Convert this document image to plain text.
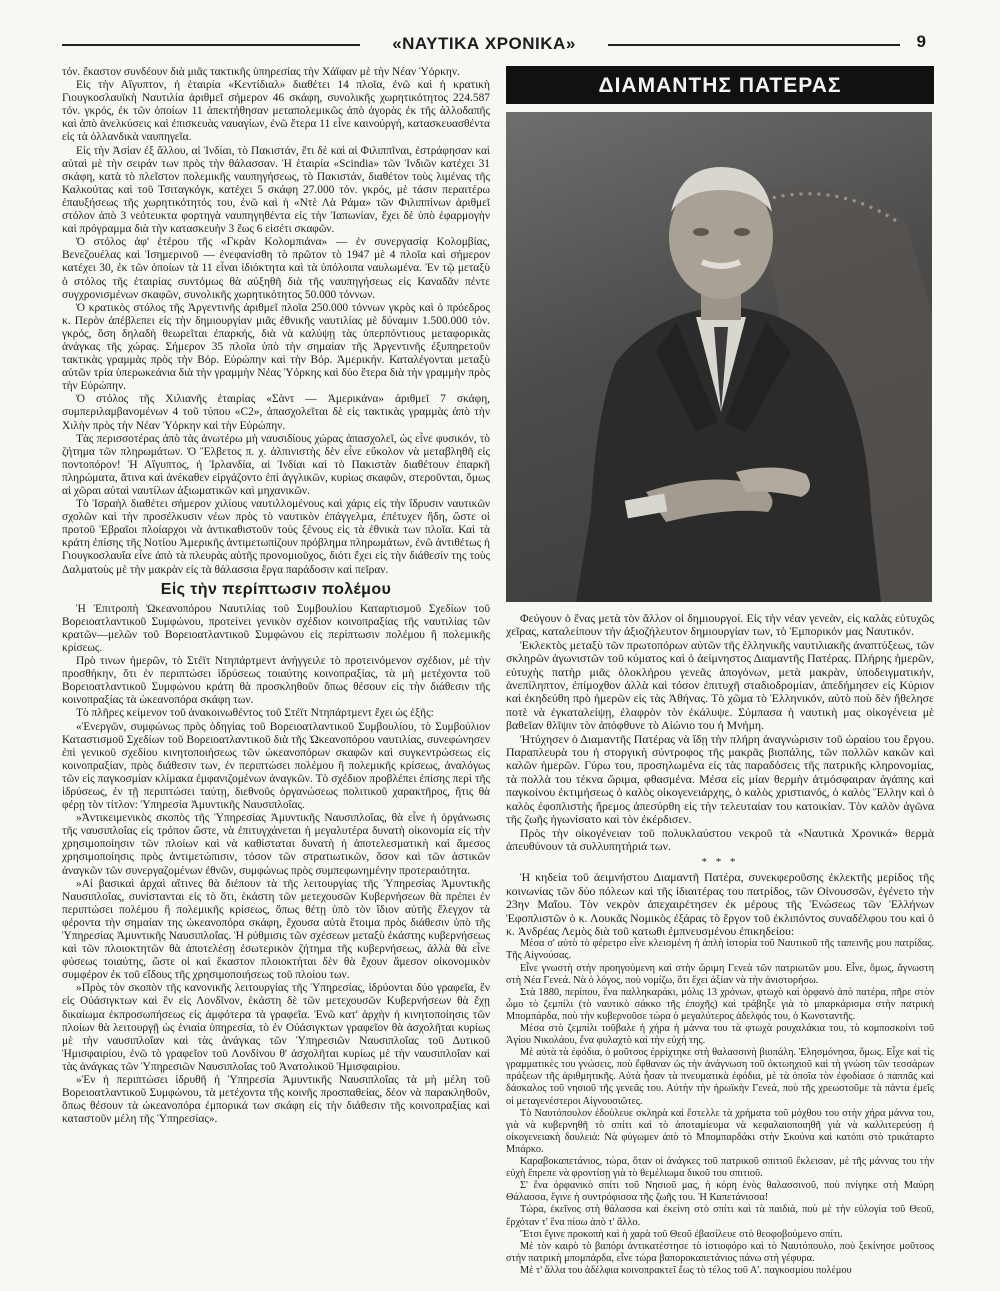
«ΝΑΥΤΙΚΑ ΧΡΟΝΙΚΑ»	9

τόν. ἕκαστον συνδέουν διὰ μιᾶς τακτικῆς ὑπηρεσίας τὴν Χάϊφαν μὲ τὴν Νέαν Ὑόρκην.

Εἰς τὴν Αἴγυπτον, ἡ ἑταιρία «Κεντίδιαλ» διαθέτει 14 πλοῖα, ἐνῶ καὶ ἡ κρατικὴ Γιουγκοσλαυϊκὴ Ναυτιλία ἀριθμεῖ σήμερον 46 σκάφη, συνολικῆς χωρητικότητος 224.587 τόν. γκρός, ἐκ τῶν ὁποίων 11 ἀπεκτήθησαν μεταπολεμικῶς ἀπὸ ἀγορὰς ἐκ τῆς ἀλλοδαπῆς καὶ ἀπὸ ἀνελκύσεις καὶ ἐπισκευὰς ναυαγίων, ἐνῶ ἕτερα 11 εἶνε καινούργή, κατασκευασθέντα εἰς τὰ ὁλλανδικὰ ναυπηγεῖα.

Εἰς τὴν Ἀσίαν ἐξ ἄλλου, αἱ Ἰνδίαι, τὸ Πακιστάν, ἔτι δὲ καὶ αἱ Φιλιππῖναι, ἐστράφησαν καὶ αὐταὶ μὲ τὴν σειράν των πρὸς τὴν θάλασσαν. Ἡ ἑταιρία «Scindia» τῶν Ἰνδιῶν κατέχει 31 σκάφη, κατὰ τὸ πλεῖστον πολεμικῆς ναυπηγήσεως, τὸ Πακιστάν, διαθέτον τοὺς λιμένας τῆς Καλκούτας καὶ τοῦ Τσιταγκόγκ, κατέχει 5 σκάφη 27.000 τόν. γκρός, μὲ τάσιν περαιτέρω ἐπαυξήσεως τῆς χωρητικότητός του, ἐνῶ καὶ ἡ «Ντὲ Λὰ Ράμα» τῶν Φιλιππίνων ἀριθμεῖ στόλον ἀπὸ 3 νεότευκτα φορτηγὰ ναυπηγηθέντα εἰς τὴν Ἰαπωνίαν, ἔχει δὲ ὑπὸ ἐφαρμογὴν καὶ πρόγραμμα διὰ τὴν κατασκευὴν 3 ἕως 6 εἰσέτι σκαφῶν.

Ὁ στόλος ἀφ' ἑτέρου τῆς «Γκρὰν Κολομπιάνα» — ἐν συνεργασίᾳ Κολομβίας, Βενεζουέλας καὶ Ἰσημερινοῦ — ἐνεφανίσθη τὸ πρῶτον τὸ 1947 μὲ 4 πλοῖα καὶ σήμερον κατέχει 30, ἐκ τῶν ὁποίων τὰ 11 εἶναι ἰδιόκτητα καὶ τὰ ὑπόλοιπα ναυλωμένα. Ἐν τῷ μεταξὺ ὁ στόλος τῆς ἑταιρίας συντόμως θὰ αὐξηθῆ διὰ τῆς ναυπηγήσεως εἰς Καναδᾶν πέντε συγχρονισμένων σκαφῶν, συνολικῆς χωρητικότητος 50.000 τόννων.

Ὁ κρατικὸς στόλος τῆς Ἀργεντινῆς ἀριθμεῖ πλοῖα 250.000 τόννων γκρὸς καὶ ὁ πρόεδρος κ. Περὸν ἀπέβλεπει εἰς τὴν δημιουργίαν μιᾶς ἐθνικῆς ναυτιλίας μὲ δύναμιν 1.500.000 τόν. γκρός, ὅση δηλαδὴ θεωρεῖται ἐπαρκής, διὰ νὰ καλύψῃ τὰς ὑπερπόντιους μεταφορικὰς ἀνάγκας τῆς χώρας. Σήμερον 35 πλοῖα ὑπὸ τὴν σημαίαν τῆς Ἀργεντινῆς ἐξυπηρετοῦν τακτικὰς γραμμὰς πρὸς τὴν Βόρ. Εὐρώπην καὶ τὴν Βόρ. Ἀμερικήν. Καταλέγονται μεταξὺ αὐτῶν τρία ὑπερωκεάνια διὰ τὴν γραμμὴν Νέας Ὑόρκης καὶ δύο ἕτερα διὰ τὴν γραμμὴν πρὸς τὴν Εὐρώπην.

Ὁ στόλος τῆς Χιλιανῆς ἑταιρίας «Σὰντ — Ἀμερικάνα» ἀριθμεῖ 7 σκάφη, συμπεριλαμβανομένων 4 τοῦ τύπου «C2», ἀπασχολεῖται δὲ εἰς τακτικὰς γραμμὰς ἀπὸ τὴν Χιλὴν πρὸς τὴν Νέαν Ὑόρκην καὶ τὴν Εὐρώπην.

Τὰς περισσοτέρας ἀπὸ τὰς ἀνωτέρω μὴ ναυσιδίους χώρας ἀπασχολεῖ, ὡς εἶνε φυσικόν, τὸ ζήτημα τῶν πληρωμάτων. Ὁ Ἕλβετος π. χ. ἀλπινιστὴς δὲν εἶνε εὔκολον νὰ μεταβληθῆ εἰς ποντοπόρον! Ἡ Αἴγυπτος, ἡ Ἰρλανδία, αἱ Ἰνδίαι καὶ τὸ Πακιστὰν διαθέτουν ἐπαρκῆ πληρώματα, ἅτινα καὶ ἀνέκαθεν εἰργάζοντο ἐπὶ ἀγγλικῶν, κυρίως σκαφῶν, στεροῦνται, ὅμως αἱ χῶραι αὐταὶ ναυτίλων ἀξιωματικῶν καὶ μηχανικῶν.

Τὸ Ἰσραὴλ διαθέτει σήμερον χιλίους ναυτιλλομένους καὶ χάρις εἰς τὴν ἵδρυσιν ναυτικῶν σχολῶν καὶ τὴν προσέλκυσιν νέων πρὸς τὸ ναυτικὸν ἐπάγγελμα, ἐπέτυχεν ἤδη, ὥστε οἱ προτοῦ Ἑβραῖοι πλοίαρχοι νὰ ἀντικαθιστοῦν τοὺς ξένους εἰς τὰ ἐθνικὰ των πλοῖα. Καὶ τὰ κράτη ἐπίσης τῆς Νοτίου Ἀμερικῆς ἀντιμετωπίζουν πρόβλημα πληρωμάτων, ἐνῶ ἀντιθέτως ἡ Γιουγκοσλαυΐα εἶνε ἀπὸ τὰ πλευρὰς αὐτῆς προνομιοῦχος, διότι ἔχει εἰς τὴν διάθεσίν της τοὺς Δαλματοὺς μὲ τὴν μακρὰν εἰς τὰ θάλασσια ἔργα παράδοσιν καὶ πεῖραν.

Εἰς τὴν περίπτωσιν πολέμου

Ἡ Ἐπιτροπὴ Ὠκεανοπόρου Ναυτιλίας τοῦ Συμβουλίου Καταρτισμοῦ Σχεδίων τοῦ Βορειοατλαντικοῦ Συμφώνου, προτείνει γενικὸν σχέδιον κοινοπραξίας τῆς ναυτιλίας τῶν κρατῶν—μελῶν τοῦ Βορειοατλαντικοῦ Συμφώνου εἰς περίπτωσιν πολέμου ἢ πολεμικῆς κρίσεως.

Πρὸ τινων ἡμερῶν, τὸ Στέϊτ Ντηπάρτμεντ ἀνήγγειλε τὸ προτεινόμενον σχέδιον, μὲ τὴν προσθήκην, ὅτι ἐν περιπτώσει ἱδρύσεως τοιαύτης κοινοπραξίας, τὰ μὴ μετέχοντα τοῦ Βορειοατλαντικοῦ Συμφώνου κράτη θὰ προσκληθοῦν ὅπως θέσουν εἰς τὴν διάθεσιν τῆς κοινοπραξίας τὰ ὠκεανοπόρα σκάφη των.

Τὸ πλῆρες κείμενον τοῦ ἀνακοινωθέντος τοῦ Στέϊτ Ντηπάρτμεντ ἔχει ὡς ἑξῆς:

«Ἐνεργῶν, συμφώνως πρὸς ὁδηγίας τοῦ Βορειοατλαντικοῦ Συμβουλίου, τὸ Συμβούλιον Καταστισμοῦ Σχεδίων τοῦ Βορειοατλαντικοῦ διὰ τῆς Ὠκεανοπόρου ναυτιλίας, συνεφώνησεν ἐπὶ γενικοῦ σχεδίου κινητοποιήσεως τῶν ὠκεανοπόρων σκαφῶν καὶ συγκεντρώσεως εἰς κοινοπραξίαν, πρὸς διάθεσιν των, ἐν περιπτώσει πολέμου ἢ πολεμικῆς κρίσεως, ἀναλόγως τῶν εἰς παγκοσμίαν κλίμακα ἐμφανιζομένων ἀναγκῶν. Τὸ σχέδιον προβλέπει ἐπίσης περὶ τῆς ἱδρύσεως, ἐν τῇ περιπτώσει ταύτῃ, διεθνοῦς ὀργανώσεως πολιτικοῦ χαρακτῆρος, ἥτις θὰ φέρῃ τὸν τίτλον: Ὑπηρεσία Ἀμυντικῆς Ναυσιπλοΐας.

»Ἀντικειμενικὸς σκοπὸς τῆς Ὑπηρεσίας Ἀμυντικῆς Ναυσιπλοΐας, θὰ εἶνε ἡ ὀργάνωσις τῆς ναυσιπλοΐας εἰς τρόπον ὥστε, νὰ ἐπιτυγχάνεται ἡ μεγαλυτέρα δυνατὴ οἰκονομία εἰς τὴν χρησιμοποίησιν τῶν πλοίων καὶ νὰ καθίσταται δυνατὴ ἡ ἀποτελεσματικὴ καὶ ἄμεσος χρησιμοποίησις πρὸς ἀντιμετώπισιν, τόσον τῶν στρατιωτικῶν, ὅσον καὶ τῶν ἀστικῶν ἀναγκῶν τῶν συνεργαζομένων ἐθνῶν, συμφώνως πρὸς συμπεφωνημένην προτεραιότητα.

»Αἱ βασικαὶ ἀρχαὶ αἵτινες θὰ διέπουν τὰ τῆς λειτουργίας τῆς Ὑπηρεσίας Ἀμυντικῆς Ναυσιπλοΐας, συνίστανται εἰς τὸ ὅτι, ἑκάστη τῶν μετεχουσῶν Κυβερνήσεων θὰ πρέπει ἐν περιπτώσει πολέμου ἢ πολεμικῆς κρίσεως, ὅπως θέτῃ ὑπὸ τὸν ἴδιον αὐτῆς ἔλεγχον τὰ φέροντα τὴν σημαίαν της ὠκεανοπόρα σκάφη, ἔχουσα αὐτὰ ἕτοιμα πρὸς διάθεσιν ὑπὸ τῆς Ὑπηρεσίας Ἀμυντικῆς Ναυσιπλοΐας. Ἡ ρύθμισις τῶν σχέσεων μεταξὺ ἑκάστης κυβερνήσεως καὶ τῶν πλοιοκτητῶν θὰ ἀποτελέσῃ ἐσωτερικὸν ζήτημα τῆς κυβερνήσεως, ἀλλὰ θὰ εἶνε φύσεως τοιαύτης, ὥστε οἱ καὶ ἕκαστον πλοιοκτήται δὲν θὰ ἔχουν ἄμεσον οἰκονομικὸν συμφέρον ἐκ τοῦ εἴδους τῆς χρησιμοποιήσεως τοῦ πλοίου των.

»Πρὸς τὸν σκοπὸν τῆς κανονικῆς λειτουργίας τῆς Ὑπηρεσίας, ἱδρύονται δύο γραφεῖα, ἓν εἰς Οὐάσιγκτων καὶ ἓν εἰς Λονδῖνον, ἑκάστη δὲ τῶν μετεχουσῶν Κυβερνήσεων θὰ ἔχῃ δικαίωμα ἐκπροσωπήσεως εἰς ἀμφότερα τὰ γραφεῖα. Ἐνῶ κατ' ἀρχὴν ἡ κινητοποίησις τῶν πλοίων θὰ λειτουργῇ ὡς ἑνιαία ὑπηρεσία, τὸ ἐν Οὐάσιγκτων γραφεῖον θὰ ἀσχολῆται κυρίως μὲ τὴν ναυσιπλοΐαν καὶ τὰς ἀνάγκας τῶν Ὑπηρεσιῶν Ναυσιπλοΐας τοῦ Δυτικοῦ Ἡμισφαιρίου, ἐνῶ τὸ γραφεῖον τοῦ Λονδίνου θ' ἀσχολῆται κυρίως μὲ τὴν ναυσιπλοΐαν καὶ τὰς ἀνάγκας τῶν Ὑπηρεσιῶν Ναυσιπλοΐας τοῦ Ἀνατολικοῦ Ἡμισφαιρίου.

»Ἐν ἡ περιπτώσει ἱδρυθῆ ἡ Ὑπηρεσία Ἀμυντικῆς Ναυσιπλοΐας τὰ μὴ μέλη τοῦ Βορειοατλαντικοῦ Συμφώνου, τὰ μετέχοντα τῆς κοινῆς προσπαθείας, δέον νὰ παρακληθοῦν, ὅπως θέσουν τὰ ὠκεανοπόρα ἐμπορικά των σκάφη εἰς τὴν διάθεσιν τῆς κοινοπραξίας καὶ καταστοῦν μέλη τῆς Ὑπηρεσίας».

ΔΙΑΜΑΝΤΗΣ ΠΑΤΕΡΑΣ

Φεύγουν ὁ ἕνας μετὰ τὸν ἄλλον οἱ δημιουργοί. Εἰς τὴν νέαν γενεὰν, εἰς καλὰς εὐτυχῶς χεῖρας, καταλείπουν τὴν ἀξιοζήλευτον δημιουργίαν των, τὸ Ἐμπορικόν μας Ναυτικόν.

Ἐκλεκτὸς μεταξὺ τῶν πρωτοπόρων αὐτῶν τῆς ἑλληνικῆς ναυτιλιακῆς ἀναπτύξεως, τῶν σκληρῶν ἀγωνιστῶν τοῦ κύματος καὶ ὁ ἀείμνηστος Διαμαντῆς Πατέρας. Πλήρης ἡμερῶν, εὐτυχὴς πατὴρ μιᾶς ὁλοκλήρου γενεᾶς ἀπογόνων, μετὰ μακρὰν, ὑποδειγματικήν, ἀνεπίληπτον, ἐπίμοχθον ἀλλὰ καὶ τόσον ἐπιτυχῆ σταδιοδρομίαν, ἀπεδήμησεν εἰς Κύριον καὶ ἐκηδεύθη πρὸ ἡμερῶν εἰς τὰς Ἀθήνας. Τὸ χῶμα τὸ Ἑλληνικόν, αὐτὸ ποὺ δὲν ἤθελησε ποτὲ νὰ ἐγκαταλείψῃ, ἐλαφρὸν τὸν ἐκάλυψε. Σύμπασα ἡ ναυτικὴ μας οἰκογένεια μὲ βαθεῖαν θλῖψιν τὸν ἀπόφθυνε τὸ Αἰώνιο του ἡ Μνήμη.

Ἠτύχησεν ὁ Διαμαντῆς Πατέρας νὰ ἴδῃ τὴν πλήρη ἀναγνώρισιν τοῦ ὡραίου του ἔργου. Παραπλευρὰ του ἡ στοργικὴ σύντροφος τῆς μακρᾶς βιοπάλης, τῶν πολλῶν κακῶν καὶ καλῶν ἡμερῶν. Γύρω του, προσηλωμένα εἰς τὰς παραδόσεις τῆς πατρικῆς κληρονομίας, τὰ πολλὰ του τέκνα ὥριμα, φθασμένα. Μέσα εἰς μίαν θερμὴν ἀτμόσφαιραν ἀγάπης καὶ παγκοίνου ἐκτιμήσεως ὁ καλὸς οἰκογενειάρχης, ὁ καλὸς χριστιανός, ὁ καλὸς Ἕλλην καὶ ὁ καλὸς ἐφοπλιστὴς ἤρεμος ἀπεσύρθη εἰς τὴν τελευταίαν του κατοικίαν. Τὸν καλὸν ἀγῶνα τῆς ζωῆς ἠγωνίσατο καὶ τὸν ἐκέρδισεν.

Πρὸς τὴν οἰκογένειαν τοῦ πολυκλαύστου νεκροῦ τὰ «Ναυτικὰ Χρονικά» θερμὰ ἀπευθύνουν τὰ συλλυπητήριά των.

* * *

Ἡ κηδεία τοῦ ἀειμνήστου Διαμαντῆ Πατέρα, συνεκφεροῦσης ἐκλεκτῆς μερίδος τῆς κοινωνίας τῶν δύο πόλεων καὶ τῆς ἰδιαιτέρας του πατρίδος, τῶν Οἰνουσσῶν, ἐγένετο τὴν 23ην Μαΐου. Τὸν νεκρὸν ἀπεχαιρέτησεν ἐκ μέρους τῆς Ἑνώσεως τῶν Ἑλλήνων Ἐφοπλιστῶν ὁ κ. Λουκᾶς Νομικὸς ἐξάρας τὸ ἔργον τοῦ ἐκλιπόντος συναδέλφου του καὶ ὁ κ. Ἀνδρέας Λεμὸς διὰ τοῦ κατωθι ἐμπνευσμένου ἐπικηδείου:

Μέσα σ' αὐτὸ τὸ φέρετρο εἶνε κλεισμένη ἡ ἁπλὴ ἱστορία τοῦ Ναυτικοῦ τῆς ταπεινῆς μου πατρίδας. Τῆς Αἰγνούσας.

Εἶνε γνωστὴ στὴν προηγούμενη καὶ στὴν ὥριμη Γενεὰ τῶν πατριωτῶν μου. Εἶνε, ὅμως, ἄγνωστη στὴ Νέα Γενεά. Νὰ ὁ λόγος, ποὺ νομίζω, ὅτι ἔχει ἀξίαν νὰ τὴν ἀνιστορήσω.

Στὰ 1880, περίπου, ἕνα παλληκαράκι, μόλις 13 χρόνων, φτωχὸ καὶ ὀρφανὸ ἀπὸ πατέρα, πῆρε στὸν ὦμο τὸ ζεμπίλι (τὸ ναυτικὸ σάκκο τῆς ἐποχῆς) καὶ τράβηξε γιὰ τὸ μπαρκάρισμα στὴν πατρικὴ Μπομπάρδα, ποὺ τὴν κυβερνοῦσε τώρα ὁ μεγαλύτερος ἀδελφός του, ὁ Κωνσταντῆς.

Μέσα στὸ ζεμπίλι τοῦβαλε ἡ χήρα ἡ μάννα του τὰ φτωχὰ ρουχαλάκια του, τὸ κομποσκοίνι τοῦ Ἁγίου Νικολάου, ἕνα φυλαχτὸ καὶ τὴν εὐχή της.

Μὲ αὐτὰ τὰ ἐφόδια, ὁ μοῦτσος ἐρρίχτηκε στὴ θαλασσινὴ βιοπάλη. Ἐλησμόνησα, ὅμως. Εἶχε καὶ τὶς γραμματικὲς του γνώσεις, ποὺ ἔφθαναν ὡς τὴν ἀνάγνωση τοῦ ὀκτωηχιοῦ καὶ τὴ γνώση τῶν τεσσάρων πράξεων τῆς ἀριθμητικῆς. Αὐτὰ ἦσαν τὰ πνευματικὰ ἐφόδια, μὲ τὰ ὁποῖα τὸν ἐφοδίασε ὁ παππᾶς καὶ δάσκαλος τοῦ νησιοῦ τῆς γενεᾶς του. Αὐτὴν τὴν ἡρωϊκὴν Γενεά, ποὺ τῆς χρεωστοῦμε τὰ πάντα ἐμεῖς οἱ μεταγενέστεροι Αἰγνουσιῶτες.

Τὸ Ναυτόπουλον ἐδούλευε σκληρὰ καὶ ἔστελλε τὰ χρήματα τοῦ μόχθου του στὴν χήρα μάννα του, γιὰ νὰ κυβερνηθῆ τὸ σπίτι καὶ τὸ ἀποταμίευμα νὰ κεφαλαιοποιηθῆ γιὰ νὰ καλλιτερεύσῃ ἡ οἰκογενειακὴ δουλειά: Νὰ φύγωμεν ἀπὸ τὸ Μπομπαρδάκι στὴν Σκούνα καὶ κατόπι στὸ τρικάταρτο Μπάρκο.

Καραβοκαπετάνιος, τώρα, ὅταν οἱ ἀνάγκες τοῦ πατρικοῦ σπιτιοῦ ἔκλεισαν, μὲ τῆς μάννας του τὴν εὐχὴ ἔπρεπε νὰ φροντίσῃ γιὰ τὸ θεμέλιωμα δικοῦ του σπιτιοῦ.

Σ' ἕνα ὀρφανικὸ σπίτι τοῦ Νησιοῦ μας, ἡ κόρη ἑνὸς θαλασσινοῦ, ποὺ πνίγηκε στὴ Μαύρη Θάλασσα, ἔγινε ἡ συντρόφισσα τῆς ζωῆς του. Ἡ Καπετάνισσα!

Τώρα, ἐκεῖνος στὴ θάλασσα καὶ ἐκείνη στὸ σπίτι καὶ τὰ παιδιά, ποὺ μὲ τὴν εὐλογία τοῦ Θεοῦ, ἔρχόταν τ' ἕνα πίσω ἀπὸ τ' ἄλλο.

Ἔτσι ἔγινε προκοπὴ καὶ ἡ χαρὰ τοῦ Θεοῦ ἐβασίλευε στὸ θεοφοβούμενο σπίτι.

Μὲ τὸν καιρὸ τὸ βαπόρι ἀντικατέστησε τὸ ἱστιοφόρο καὶ τὸ Ναυτόπουλο, ποὺ ξεκίνησε μοῦτσος στὴν πατρικὴ μπομπάρδα, εἶνε τώρα βαποροκαπετάνιος πάνω στὴ γέφυρα.

Μὲ τ' ἄλλα του ἀδέλφια κοινοπρακτεῖ ἕως τὸ τέλος τοῦ Α'. παγκοσμίου πολέμου
